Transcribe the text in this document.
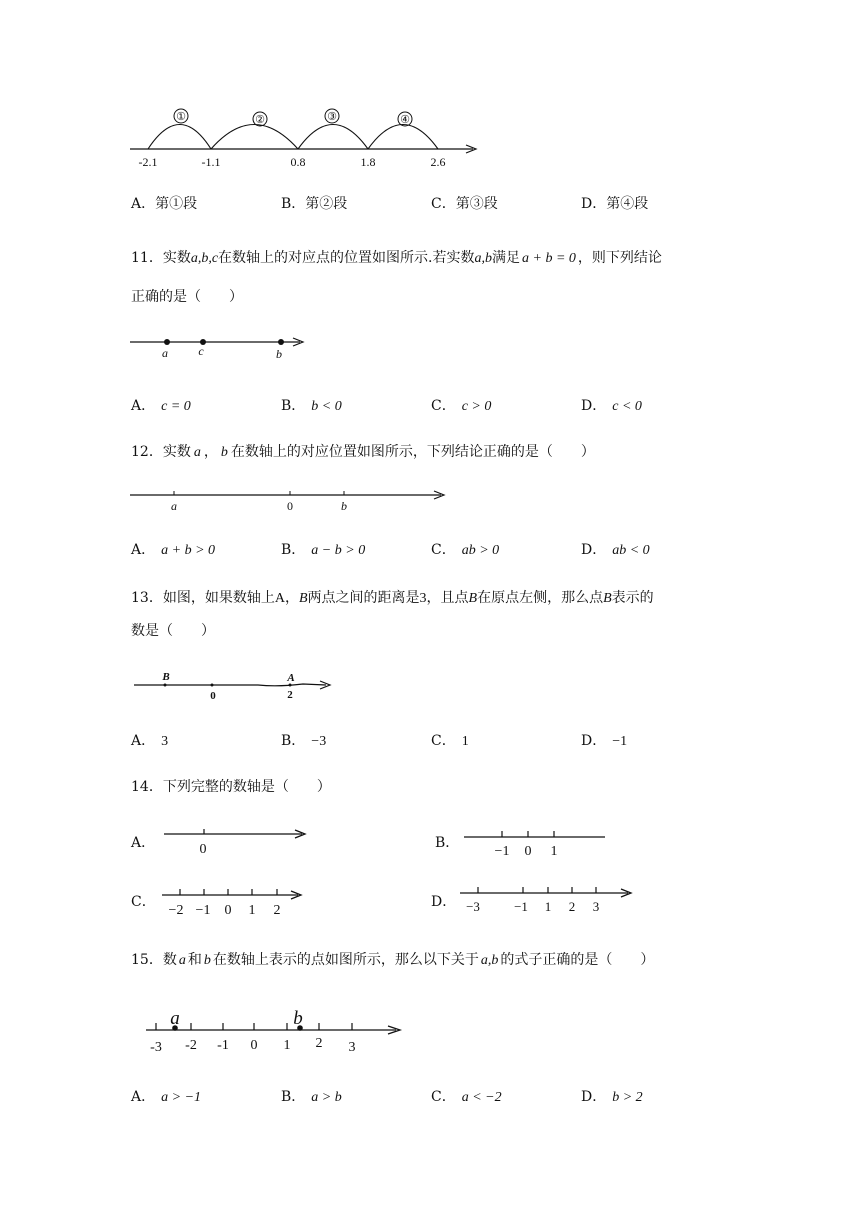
①	②	③	④
-2.1	-1.1	0.8	1.8	2.6
A．第①段	B．第②段	C．第③段	D．第④段
11．实数a,b,c在数轴上的对应点的位置如图所示.若实数a,b满足 a + b = 0 ，则下列结论
正确的是（　　）
a	c	b
A． c = 0	B． b < 0	C． c > 0	D． c < 0
12．实数 a ， b 在数轴上的对应位置如图所示，下列结论正确的是（　　）
a	0	b
A． a + b > 0	B． a − b > 0	C． ab > 0	D． ab < 0
13．如图，如果数轴上A，B两点之间的距离是3，且点B在原点左侧，那么点B表示的
数是（　　）
B
0
A
2
A． 3	B． −3	C． 1	D． −1
14．下列完整的数轴是（　　）
A．	0	B．
−1 0 1
C．
−2 −1 0 1 2
D． −3	−1 1 2 3
15．数 a 和 b 在数轴上表示的点如图所示，那么以下关于 a,b 的式子正确的是（　　）
a	b
-3 -2 -1 0 1 2 3
A． a > −1	B． a > b	C． a < −2	D． b > 2
